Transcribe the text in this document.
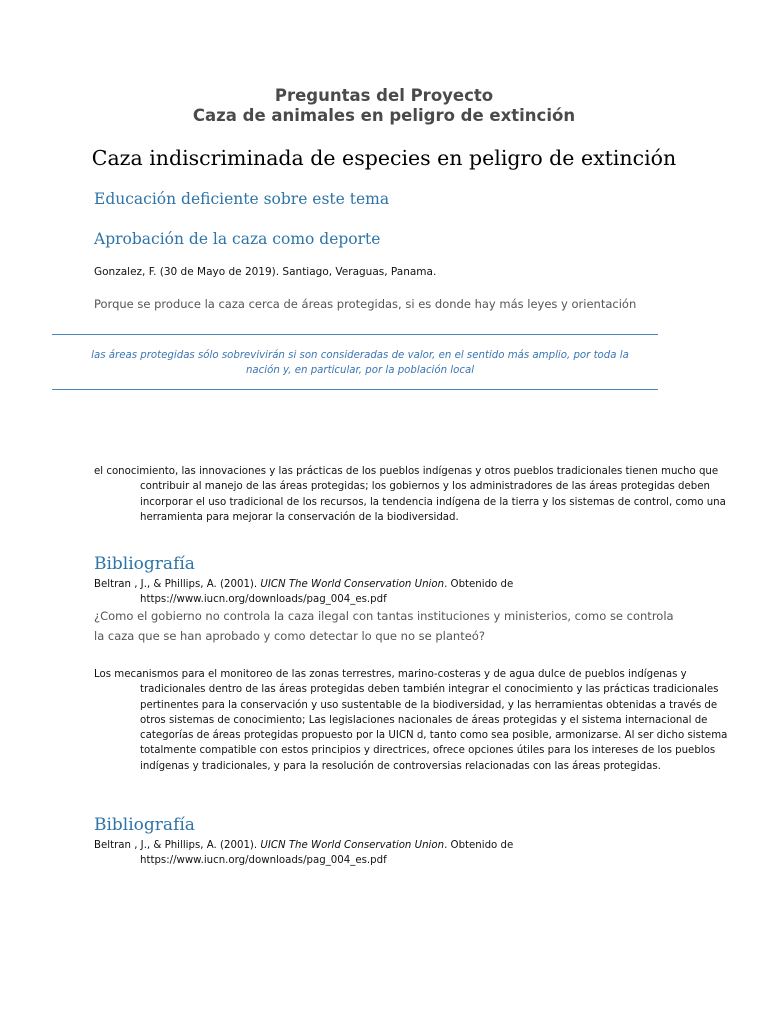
Preguntas del Proyecto
Caza de animales en peligro de extinción
Caza indiscriminada de especies en peligro de extinción
Educación deficiente sobre este tema
Aprobación de la caza como deporte
Gonzalez, F. (30 de Mayo de 2019). Santiago, Veraguas, Panama.
Porque se produce la caza cerca de áreas protegidas, si es donde hay más leyes y orientación
las áreas protegidas sólo sobrevivirán si son consideradas de valor, en el sentido más amplio, por toda la nación y, en particular, por la población local
el conocimiento, las innovaciones y las prácticas de los pueblos indígenas y otros pueblos tradicionales tienen mucho que contribuir al manejo de las áreas protegidas; los gobiernos y los administradores de las áreas protegidas deben incorporar el uso tradicional de los recursos, la tendencia indígena de la tierra y los sistemas de control, como una herramienta para mejorar la conservación de la biodiversidad.
Bibliografía
Beltran , J., & Phillips, A. (2001). UICN The World Conservation Union. Obtenido de https://www.iucn.org/downloads/pag_004_es.pdf
¿Como el gobierno no controla la caza ilegal con tantas instituciones y ministerios, como se controla la caza que se han aprobado y como detectar lo que no se planteó?
Los mecanismos para el monitoreo de las zonas terrestres, marino-costeras y de agua dulce de pueblos indígenas y tradicionales dentro de las áreas protegidas deben también integrar el conocimiento y las prácticas tradicionales pertinentes para la conservación y uso sustentable de la biodiversidad, y las herramientas obtenidas a través de otros sistemas de conocimiento; Las legislaciones nacionales de áreas protegidas y el sistema internacional de categorías de áreas protegidas propuesto por la UICN d, tanto como sea posible, armonizarse. Al ser dicho sistema totalmente compatible con estos principios y directrices, ofrece opciones útiles para los intereses de los pueblos indígenas y tradicionales, y para la resolución de controversias relacionadas con las áreas protegidas.
Bibliografía
Beltran , J., & Phillips, A. (2001). UICN The World Conservation Union. Obtenido de https://www.iucn.org/downloads/pag_004_es.pdf
